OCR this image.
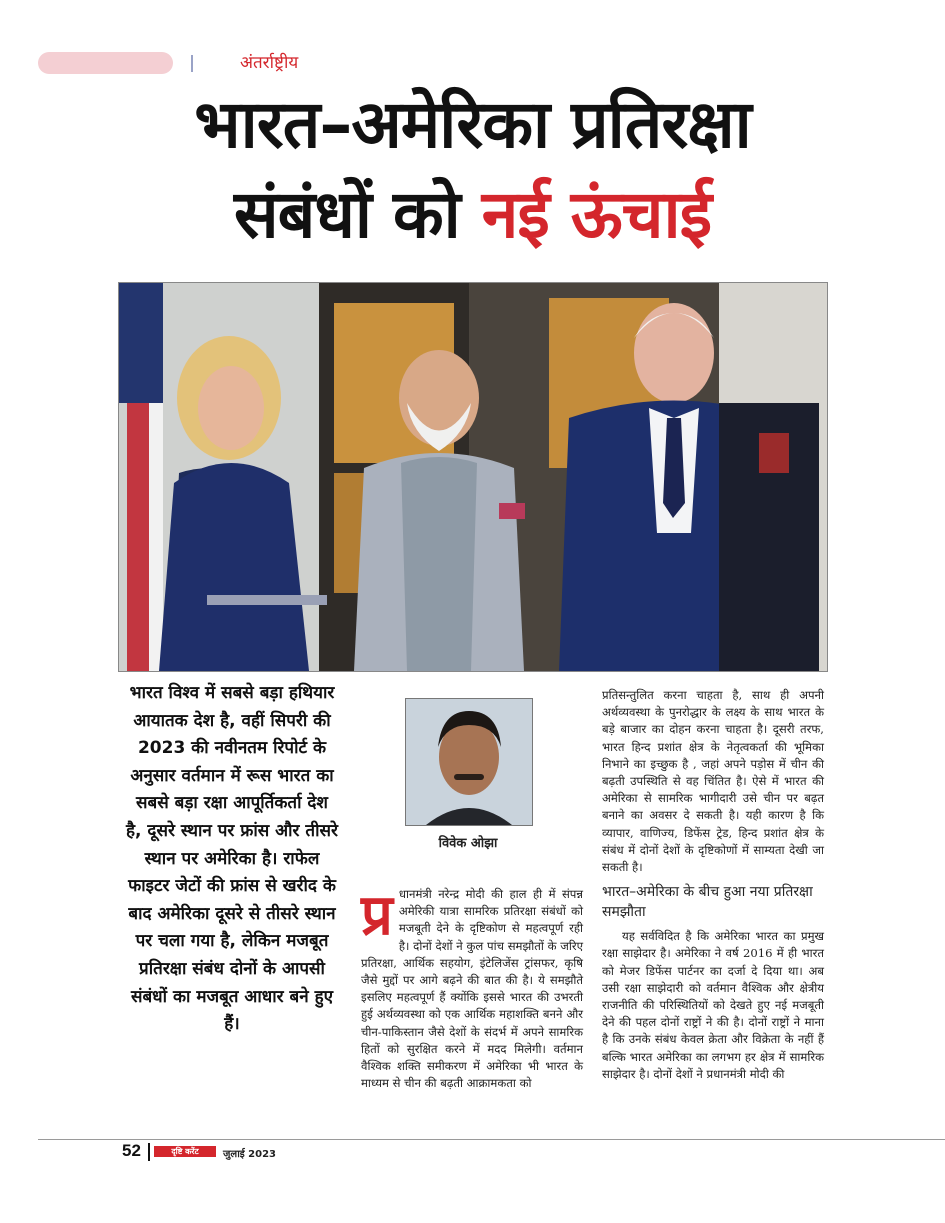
अंतर्राष्ट्रीय
भारत–अमेरिका प्रतिरक्षा
संबंधों को नई ऊंचाई
भारत विश्व में सबसे बड़ा हथियार आयातक देश है, वहीं सिपरी की 2023 की नवीनतम रिपोर्ट के अनुसार वर्तमान में रूस भारत का सबसे बड़ा रक्षा आपूर्तिकर्ता देश है, दूसरे स्थान पर फ्रांस और तीसरे स्थान पर अमेरिका है। राफेल फाइटर जेटों की फ्रांस से खरीद के बाद अमेरिका दूसरे से तीसरे स्थान पर चला गया है, लेकिन मजबूत प्रतिरक्षा संबंध दोनों के आपसी संबंधों का मजबूत आधार बने हुए हैं।
विवेक ओझा
प्र धानमंत्री नरेन्द्र मोदी की हाल ही में संपन्न अमेरिकी यात्रा सामरिक प्रतिरक्षा संबंधों को मजबूती देने के दृष्टिकोण से महत्वपूर्ण रही है। दोनों देशों ने कुल पांच समझौतों के जरिए प्रतिरक्षा, आर्थिक सहयोग, इंटेलिजेंस ट्रांसफर, कृषि जैसे मुद्दों पर आगे बढ़ने की बात की है। ये समझौते इसलिए महत्वपूर्ण हैं क्योंकि इससे भारत की उभरती हुई अर्थव्यवस्था को एक आर्थिक महाशक्ति बनने और चीन-पाकिस्तान जैसे देशों के संदर्भ में अपने सामरिक हितों को सुरक्षित करने में मदद मिलेगी। वर्तमान वैश्विक शक्ति समीकरण में अमेरिका भी भारत के माध्यम से चीन की बढ़ती आक्रामकता को

प्रतिसन्तुलित करना चाहता है, साथ ही अपनी अर्थव्यवस्था के पुनरोद्धार के लक्ष्य के साथ भारत के बड़े बाजार का दोहन करना चाहता है। दूसरी तरफ, भारत हिन्द प्रशांत क्षेत्र के नेतृत्वकर्ता की भूमिका निभाने का इच्छुक है , जहां अपने पड़ोस में चीन की बढ़ती उपस्थिति से वह चिंतित है। ऐसे में भारत की अमेरिका से सामरिक भागीदारी उसे चीन पर बढ़त बनाने का अवसर दे सकती है। यही कारण है कि व्यापार, वाणिज्य, डिफेंस ट्रेड, हिन्द प्रशांत क्षेत्र के संबंध में दोनों देशों के दृष्टिकोणों में साम्यता देखी जा सकती है।

भारत–अमेरिका के बीच हुआ नया प्रतिरक्षा समझौता

यह सर्वविदित है कि अमेरिका भारत का प्रमुख रक्षा साझेदार है। अमेरिका ने वर्ष 2016 में ही भारत को मेजर डिफेंस पार्टनर का दर्जा दे दिया था। अब उसी रक्षा साझेदारी को वर्तमान वैश्विक और क्षेत्रीय राजनीति की परिस्थितियों को देखते हुए नई मजबूती देने की पहल दोनों राष्ट्रों ने की है। दोनों राष्ट्रों ने माना है कि उनके संबंध केवल क्रेता और विक्रेता के नहीं हैं बल्कि भारत अमेरिका का लगभग हर क्षेत्र में सामरिक साझेदार है। दोनों देशों ने प्रधानमंत्री मोदी की

52	दृष्टि करेंट	जुलाई 2023
